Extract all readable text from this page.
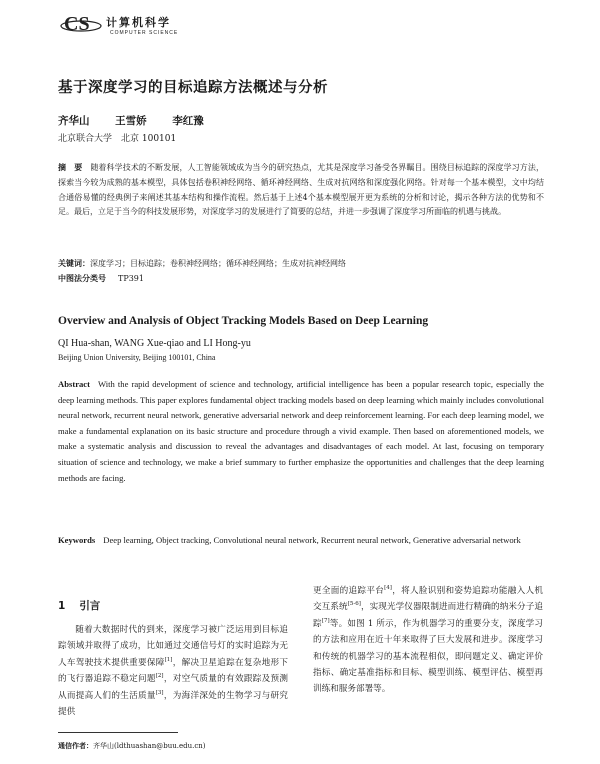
CS 计算机科学
COMPUTER SCIENCE
基于深度学习的目标追踪方法概述与分析
齐华山 王雪娇 李红豫
北京联合大学　北京 100101
摘　要 随着科学技术的不断发展，人工智能领域成为当今的研究热点，尤其是深度学习备受各界瞩目。围绕目标追踪的深度学习方法，探索当今较为成熟的基本模型，具体包括卷积神经网络、循环神经网络、生成对抗网络和深度强化网络。针对每一个基本模型，文中均结合通俗易懂的经典例子来阐述其基本结构和操作流程。然后基于上述4个基本模型展开更为系统的分析和讨论，揭示各种方法的优势和不足。最后，立足于当今的科技发展形势，对深度学习的发展进行了简要的总结，并进一步强调了深度学习所面临的机遇与挑战。
关键词：深度学习；目标追踪；卷积神经网络；循环神经网络；生成对抗神经网络
中图法分类号 TP391
Overview and Analysis of Object Tracking Models Based on Deep Learning
QI Hua-shan, WANG Xue-qiao and LI Hong-yu
Beijing Union University, Beijing 100101, China
Abstract With the rapid development of science and technology, artificial intelligence has been a popular research topic, especially the deep learning methods. This paper explores fundamental object tracking models based on deep learning which mainly includes convolutional neural network, recurrent neural network, generative adversarial network and deep reinforcement learning. For each deep learning model, we make a fundamental explanation on its basic structure and procedure through a vivid example. Then based on aforementioned models, we make a systematic analysis and discussion to reveal the advantages and disadvantages of each model. At last, focusing on temporary situation of science and technology, we make a brief summary to further emphasize the opportunities and challenges that the deep learning methods are facing.
Keywords Deep learning, Object tracking, Convolutional neural network, Recurrent neural network, Generative adversarial network
1 引言

随着大数据时代的到来，深度学习被广泛运用到目标追踪领域并取得了成功，比如通过交通信号灯的实时追踪为无人车驾驶技术提供重要保障[1]，解决卫星追踪在复杂地形下的飞行器追踪不稳定问题[2]，对空气质量的有效跟踪及预测从而提高人们的生活质量[3]，为海洋深处的生物学习与研究提供

更全面的追踪平台[4]，将人脸识别和姿势追踪功能融入人机交互系统[5-6]，实现光学仪器限制进而进行精确的纳米分子追踪[7]等。如图 1 所示，作为机器学习的重要分支，深度学习的方法和应用在近十年来取得了巨大发展和进步。深度学习和传统的机器学习的基本流程相似，即问题定义、确定评价指标、确定基准指标和目标、模型训练、模型评估、模型再训练和服务部署等。

通信作者：齐华山(ldthuashan@buu.edu.cn)
